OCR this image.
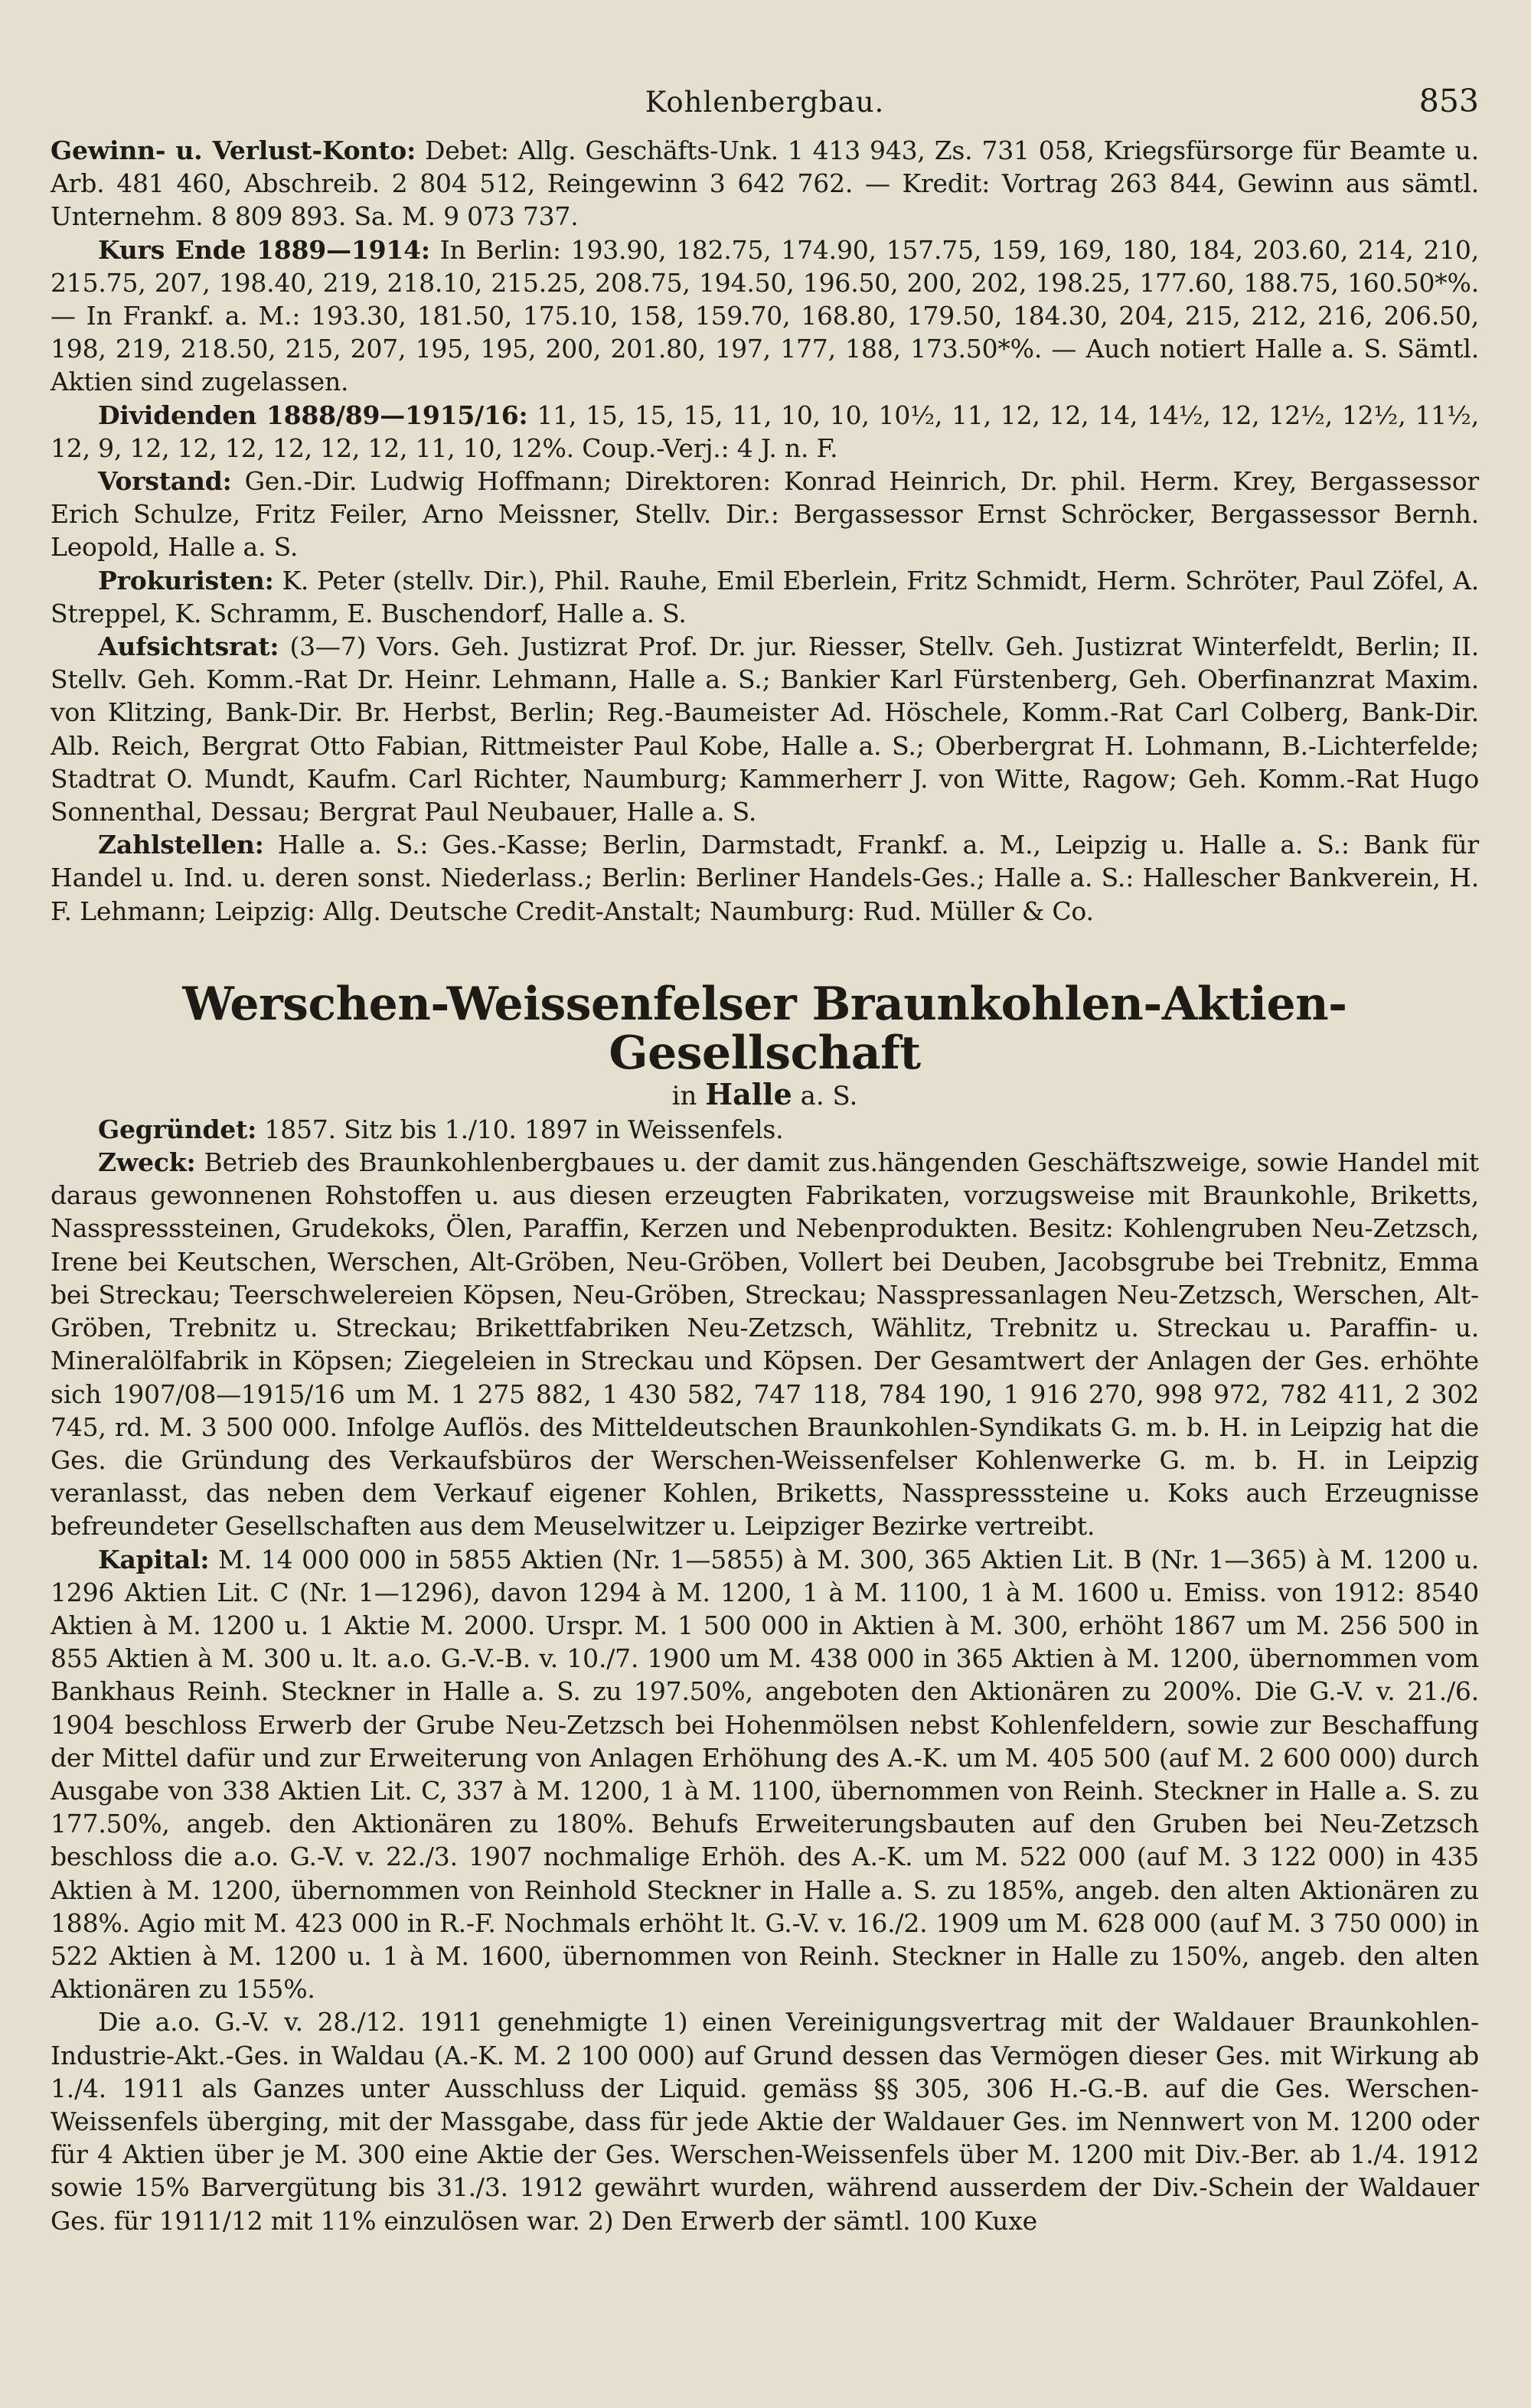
Kohlenbergbau.	853

Gewinn- u. Verlust-Konto: Debet: Allg. Geschäfts-Unk. 1 413 943, Zs. 731 058, Kriegsfürsorge für Beamte u. Arb. 481 460, Abschreib. 2 804 512, Reingewinn 3 642 762. — Kredit: Vortrag 263 844, Gewinn aus sämtl. Unternehm. 8 809 893. Sa. M. 9 073 737.

Kurs Ende 1889—1914: In Berlin: 193.90, 182.75, 174.90, 157.75, 159, 169, 180, 184, 203.60, 214, 210, 215.75, 207, 198.40, 219, 218.10, 215.25, 208.75, 194.50, 196.50, 200, 202, 198.25, 177.60, 188.75, 160.50*%. — In Frankf. a. M.: 193.30, 181.50, 175.10, 158, 159.70, 168.80, 179.50, 184.30, 204, 215, 212, 216, 206.50, 198, 219, 218.50, 215, 207, 195, 195, 200, 201.80, 197, 177, 188, 173.50*%. — Auch notiert Halle a. S. Sämtl. Aktien sind zugelassen.

Dividenden 1888/89—1915/16: 11, 15, 15, 15, 11, 10, 10, 10½, 11, 12, 12, 14, 14½, 12, 12½, 12½, 11½, 12, 9, 12, 12, 12, 12, 12, 12, 11, 10, 12%. Coup.-Verj.: 4 J. n. F.

Vorstand: Gen.-Dir. Ludwig Hoffmann; Direktoren: Konrad Heinrich, Dr. phil. Herm. Krey, Bergassessor Erich Schulze, Fritz Feiler, Arno Meissner, Stellv. Dir.: Bergassessor Ernst Schröcker, Bergassessor Bernh. Leopold, Halle a. S.

Prokuristen: K. Peter (stellv. Dir.), Phil. Rauhe, Emil Eberlein, Fritz Schmidt, Herm. Schröter, Paul Zöfel, A. Streppel, K. Schramm, E. Buschendorf, Halle a. S.

Aufsichtsrat: (3—7) Vors. Geh. Justizrat Prof. Dr. jur. Riesser, Stellv. Geh. Justizrat Winterfeldt, Berlin; II. Stellv. Geh. Komm.-Rat Dr. Heinr. Lehmann, Halle a. S.; Bankier Karl Fürstenberg, Geh. Oberfinanzrat Maxim. von Klitzing, Bank-Dir. Br. Herbst, Berlin; Reg.-Baumeister Ad. Höschele, Komm.-Rat Carl Colberg, Bank-Dir. Alb. Reich, Bergrat Otto Fabian, Rittmeister Paul Kobe, Halle a. S.; Oberbergrat H. Lohmann, B.-Lichterfelde; Stadtrat O. Mundt, Kaufm. Carl Richter, Naumburg; Kammerherr J. von Witte, Ragow; Geh. Komm.-Rat Hugo Sonnenthal, Dessau; Bergrat Paul Neubauer, Halle a. S.

Zahlstellen: Halle a. S.: Ges.-Kasse; Berlin, Darmstadt, Frankf. a. M., Leipzig u. Halle a. S.: Bank für Handel u. Ind. u. deren sonst. Niederlass.; Berlin: Berliner Handels-Ges.; Halle a. S.: Hallescher Bankverein, H. F. Lehmann; Leipzig: Allg. Deutsche Credit-Anstalt; Naumburg: Rud. Müller & Co.

Werschen-Weissenfelser Braunkohlen-Aktien-Gesellschaft
in Halle a. S.

Gegründet: 1857. Sitz bis 1./10. 1897 in Weissenfels.

Zweck: Betrieb des Braunkohlenbergbaues u. der damit zus.hängenden Geschäftszweige, sowie Handel mit daraus gewonnenen Rohstoffen u. aus diesen erzeugten Fabrikaten, vorzugsweise mit Braunkohle, Briketts, Nasspresssteinen, Grudekoks, Ölen, Paraffin, Kerzen und Nebenprodukten. Besitz: Kohlengruben Neu-Zetzsch, Irene bei Keutschen, Werschen, Alt-Gröben, Neu-Gröben, Vollert bei Deuben, Jacobsgrube bei Trebnitz, Emma bei Streckau; Teerschwelereien Köpsen, Neu-Gröben, Streckau; Nasspressanlagen Neu-Zetzsch, Werschen, Alt-Gröben, Trebnitz u. Streckau; Brikettfabriken Neu-Zetzsch, Wählitz, Trebnitz u. Streckau u. Paraffin- u. Mineralölfabrik in Köpsen; Ziegeleien in Streckau und Köpsen. Der Gesamtwert der Anlagen der Ges. erhöhte sich 1907/08—1915/16 um M. 1 275 882, 1 430 582, 747 118, 784 190, 1 916 270, 998 972, 782 411, 2 302 745, rd. M. 3 500 000. Infolge Auflös. des Mitteldeutschen Braunkohlen-Syndikats G. m. b. H. in Leipzig hat die Ges. die Gründung des Verkaufsbüros der Werschen-Weissenfelser Kohlenwerke G. m. b. H. in Leipzig veranlasst, das neben dem Verkauf eigener Kohlen, Briketts, Nasspresssteine u. Koks auch Erzeugnisse befreundeter Gesellschaften aus dem Meuselwitzer u. Leipziger Bezirke vertreibt.

Kapital: M. 14 000 000 in 5855 Aktien (Nr. 1—5855) à M. 300, 365 Aktien Lit. B (Nr. 1—365) à M. 1200 u. 1296 Aktien Lit. C (Nr. 1—1296), davon 1294 à M. 1200, 1 à M. 1100, 1 à M. 1600 u. Emiss. von 1912: 8540 Aktien à M. 1200 u. 1 Aktie M. 2000. Urspr. M. 1 500 000 in Aktien à M. 300, erhöht 1867 um M. 256 500 in 855 Aktien à M. 300 u. lt. a.o. G.-V.-B. v. 10./7. 1900 um M. 438 000 in 365 Aktien à M. 1200, übernommen vom Bankhaus Reinh. Steckner in Halle a. S. zu 197.50%, angeboten den Aktionären zu 200%. Die G.-V. v. 21./6. 1904 beschloss Erwerb der Grube Neu-Zetzsch bei Hohenmölsen nebst Kohlenfeldern, sowie zur Beschaffung der Mittel dafür und zur Erweiterung von Anlagen Erhöhung des A.-K. um M. 405 500 (auf M. 2 600 000) durch Ausgabe von 338 Aktien Lit. C, 337 à M. 1200, 1 à M. 1100, übernommen von Reinh. Steckner in Halle a. S. zu 177.50%, angeb. den Aktionären zu 180%. Behufs Erweiterungsbauten auf den Gruben bei Neu-Zetzsch beschloss die a.o. G.-V. v. 22./3. 1907 nochmalige Erhöh. des A.-K. um M. 522 000 (auf M. 3 122 000) in 435 Aktien à M. 1200, übernommen von Reinhold Steckner in Halle a. S. zu 185%, angeb. den alten Aktionären zu 188%. Agio mit M. 423 000 in R.-F. Nochmals erhöht lt. G.-V. v. 16./2. 1909 um M. 628 000 (auf M. 3 750 000) in 522 Aktien à M. 1200 u. 1 à M. 1600, übernommen von Reinh. Steckner in Halle zu 150%, angeb. den alten Aktionären zu 155%.

Die a.o. G.-V. v. 28./12. 1911 genehmigte 1) einen Vereinigungsvertrag mit der Waldauer Braunkohlen-Industrie-Akt.-Ges. in Waldau (A.-K. M. 2 100 000) auf Grund dessen das Vermögen dieser Ges. mit Wirkung ab 1./4. 1911 als Ganzes unter Ausschluss der Liquid. gemäss §§ 305, 306 H.-G.-B. auf die Ges. Werschen-Weissenfels überging, mit der Massgabe, dass für jede Aktie der Waldauer Ges. im Nennwert von M. 1200 oder für 4 Aktien über je M. 300 eine Aktie der Ges. Werschen-Weissenfels über M. 1200 mit Div.-Ber. ab 1./4. 1912 sowie 15% Barvergütung bis 31./3. 1912 gewährt wurden, während ausserdem der Div.-Schein der Waldauer Ges. für 1911/12 mit 11% einzulösen war. 2) Den Erwerb der sämtl. 100 Kuxe
